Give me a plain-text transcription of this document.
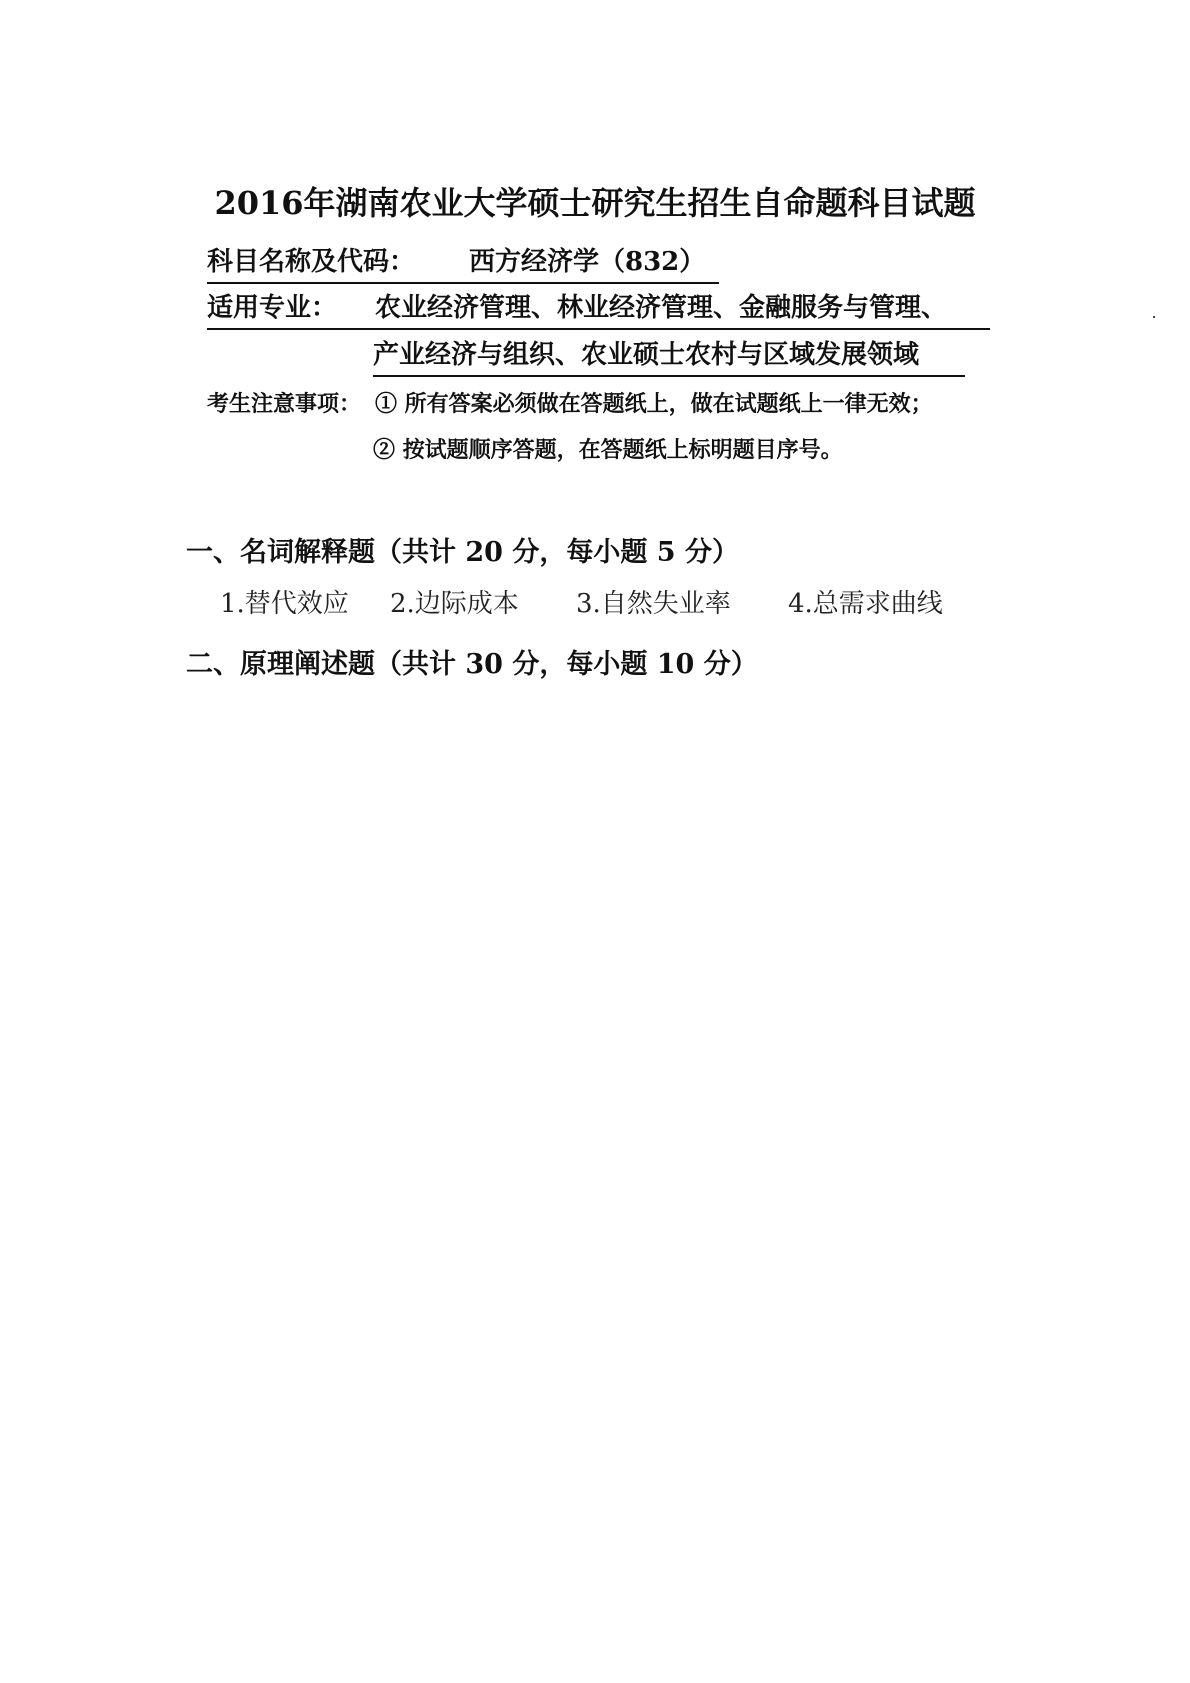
2016年湖南农业大学硕士研究生招生自命题科目试题
科目名称及代码： 西方经济学（832）
适用专业： 农业经济管理、林业经济管理、金融服务与管理、
产业经济与组织、农业硕士农村与区域发展领域
考生注意事项： ① 所有答案必须做在答题纸上，做在试题纸上一律无效；
② 按试题顺序答题，在答题纸上标明题目序号。
一、名词解释题（共计 20 分，每小题 5 分）
1.替代效应 2.边际成本 3.自然失业率 4.总需求曲线
二、原理阐述题（共计 30 分，每小题 10 分）
